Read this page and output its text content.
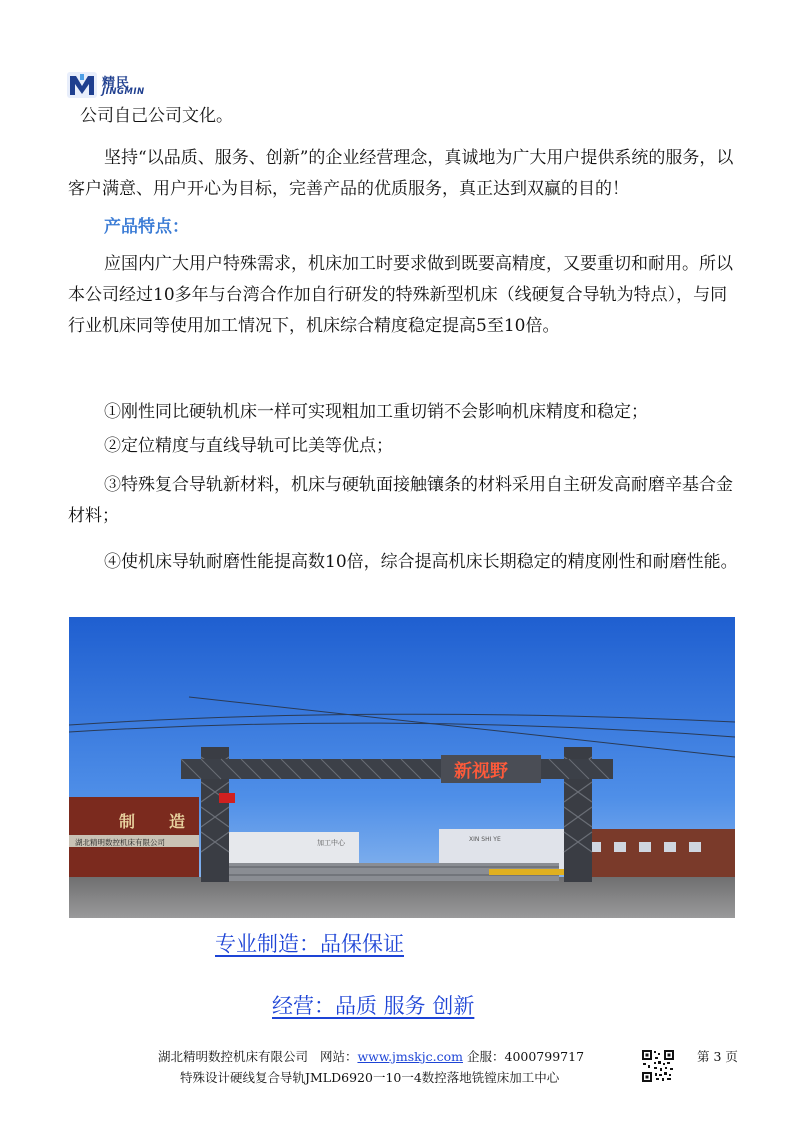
精民
JINGMIN

公司自己公司文化。

坚持“以品质、服务、创新”的企业经营理念，真诚地为广大用户提供系统的服务，以客户满意、用户开心为目标，完善产品的优质服务，真正达到双赢的目的！

产品特点：

应国内广大用户特殊需求，机床加工时要求做到既要高精度，又要重切和耐用。所以本公司经过10多年与台湾合作加自行研发的特殊新型机床（线硬复合导轨为特点），与同行业机床同等使用加工情况下，机床综合精度稳定提高5至10倍。

①刚性同比硬轨机床一样可实现粗加工重切销不会影响机床精度和稳定；

②定位精度与直线导轨可比美等优点；

③特殊复合导轨新材料，机床与硬轨面接触镶条的材料采用自主研发高耐磨辛基合金材料；

④使机床导轨耐磨性能提高数10倍，综合提高机床长期稳定的精度刚性和耐磨性能。

加工中心	XIN SHI YE
制 造
湖北精明数控机床有限公司
新视野
专业制造：品保保证
经营：品质 服务 创新
湖北精明数控机床有限公司 网站：www.jmskjc.com 企服：4000799717
特殊设计硬线复合导轨JMLD6920一10一4数控落地铣镗床加工中心
第 3 页
